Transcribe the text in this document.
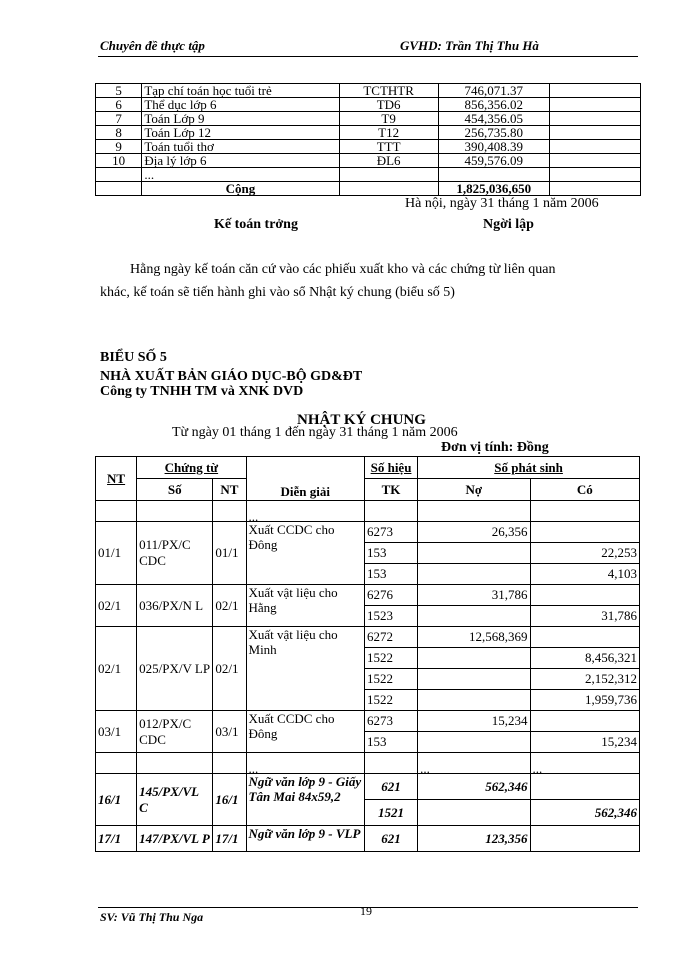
Chuyên đề thực tập	GVHD: Trần Thị Thu Hà
5	Tạp chí toán học tuổi trẻ	TCTHTR	746,071.37	
6	Thể dục lớp 6	TD6	856,356.02	
7	Toán Lớp 9	T9	454,356.05	
8	Toán Lớp 12	T12	256,735.80	
9	Toán tuổi thơ	TTT	390,408.39	
10	Địa lý lớp 6	ĐL6	459,576.09	
	...			
	Cộng		1,825,036,650	
Hà nội, ngày 31 tháng 1 năm 2006
Kế toán trởng	Ngời lập
Hằng ngày kế toán căn cứ vào các phiếu xuất kho và các chứng từ liên quan
khác, kế toán sẽ tiến hành ghi vào sổ Nhật ký chung (biểu số 5)
BIỂU SỐ 5
NHÀ XUẤT BẢN GIÁO DỤC-BỘ GD&ĐT
Công ty TNHH TM và XNK DVD
NHẬT KÝ CHUNG
Từ ngày 01 tháng 1 đến ngày 31 tháng 1 năm 2006
Đơn vị tính: Đồng
NT	Chứng từ		Diễn giải	Số hiệu	Số phát sinh	
	Số	NT		TK	Nợ	Có
			...			
01/1	011/PX/C CDC	01/1	Xuất CCDC cho Đông	6273	26,356	
				153		22,253
				153		4,103
02/1	036/PX/N L	02/1	Xuất vật liệu cho Hằng	6276	31,786	
				1523		31,786
02/1	025/PX/V LP	02/1	Xuất vật liệu cho Minh	6272	12,568,369	
				1522		8,456,321
				1522		2,152,312
				1522		1,959,736
03/1	012/PX/C CDC	03/1	Xuất CCDC cho Đông	6273	15,234	
				153		15,234
			...		...	...
16/1	145/PX/VL C	16/1	Ngữ văn lớp 9 - Giấy Tân Mai 84x59,2	621	562,346	
				1521		562,346
17/1	147/PX/VL P	17/1	Ngữ văn lớp 9 - VLP	621	123,356	
SV: Vũ Thị Thu Nga	19
